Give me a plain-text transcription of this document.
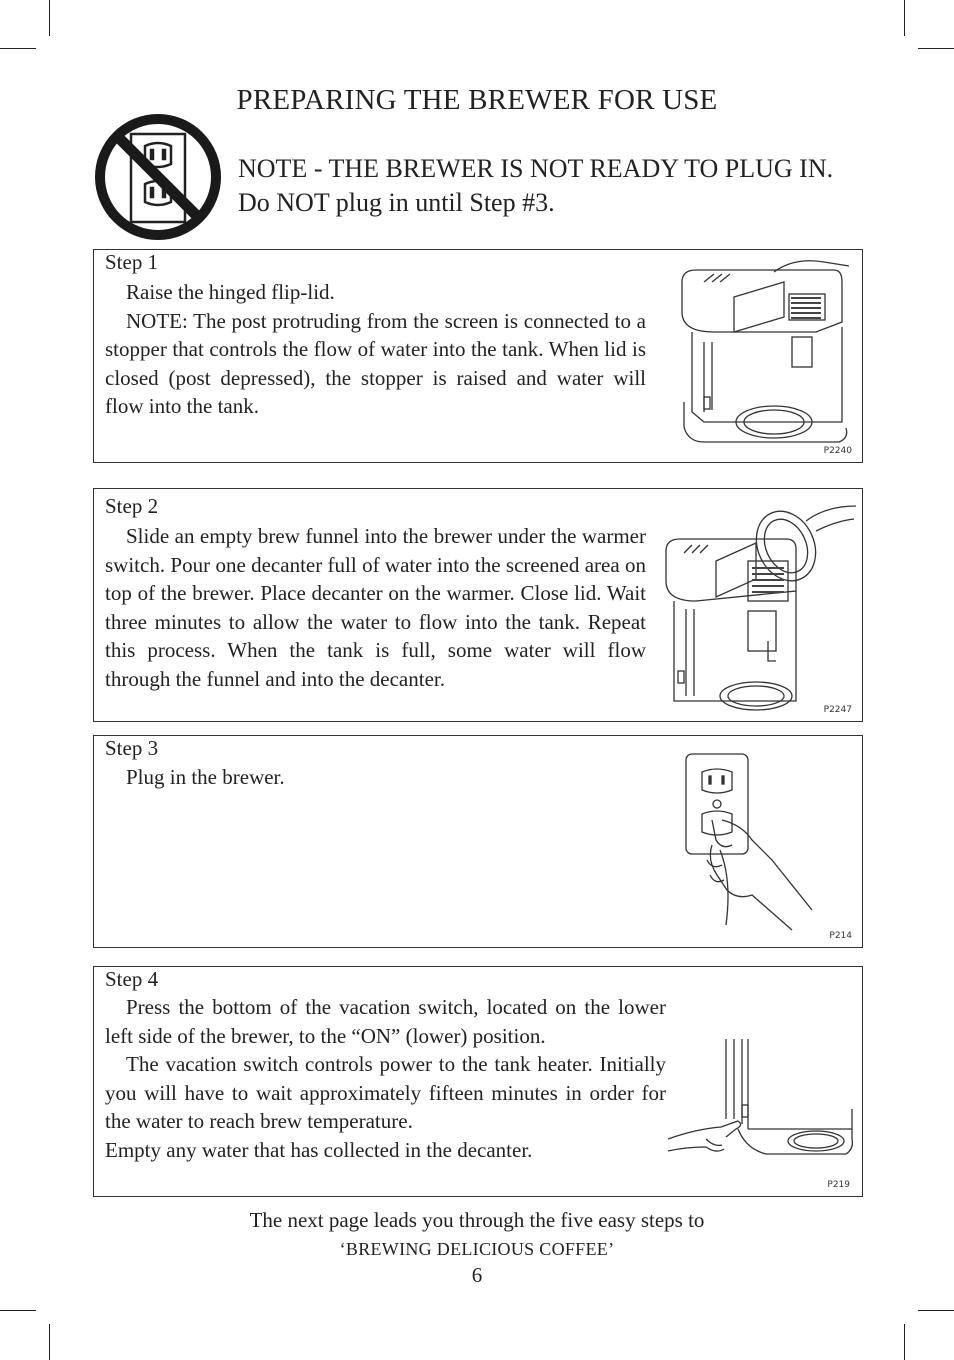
PREPARING THE BREWER FOR USE
NOTE - THE BREWER IS NOT READY TO PLUG IN.
Do NOT plug in until Step #3.
Step 1

Raise the hinged flip-lid.

NOTE: The post protruding from the screen is connected to a stopper that controls the flow of water into the tank. When lid is closed (post depressed), the stopper is raised and water will flow into the tank.

P2240
Step 2

Slide an empty brew funnel into the brewer under the warmer switch. Pour one decanter full of water into the screened area on top of the brewer. Place decanter on the warmer. Close lid. Wait three minutes to allow the water to flow into the tank. Repeat this process. When the tank is full, some water will flow through the funnel and into the decanter.

P2247
Step 3

Plug in the brewer.

P214
Step 4

Press the bottom of the vacation switch, located on the lower left side of the brewer, to the “ON” (lower) position.

The vacation switch controls power to the tank heater. Initially you will have to wait approximately fifteen minutes in order for the water to reach brew temperature.

Empty any water that has collected in the decanter.
P219
The next page leads you through the five easy steps to
‘BREWING DELICIOUS COFFEE’
6
